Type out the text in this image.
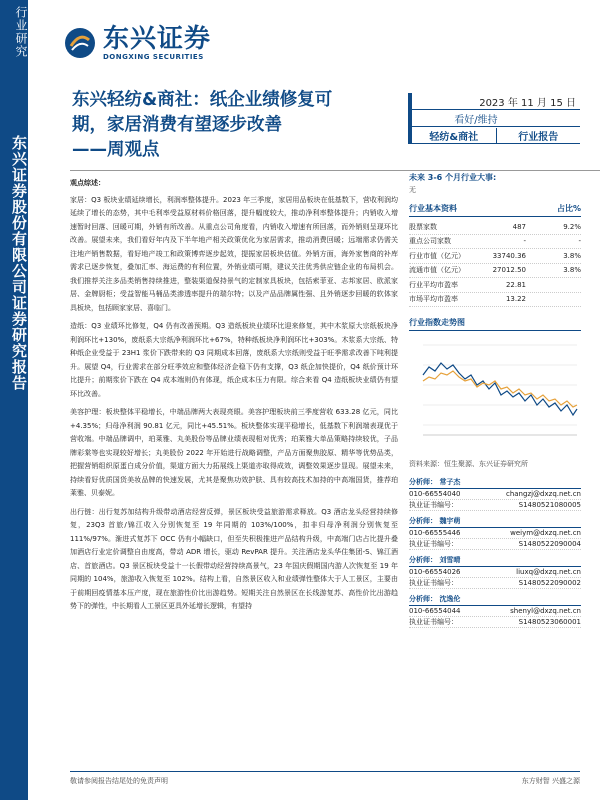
行业研究
东兴证券股份有限公司证券研究报告
东兴证券
DONGXING SECURITIES
东兴轻纺&商社：纸企业绩修复可
期，家居消费有望逐步改善
——周观点
2023 年 11 月 15 日
看好/维持
轻纺&商社	行业报告
观点综述：
家居：Q3 板块业绩延续增长，利润率整体提升。2023 年三季度，家居用品板块在低基数下，营收利润均延续了增长的态势，其中毛利率受益原材料价格回落，提升幅度较大，推动净利率整体提升；内销收入增速暂时回落、回暖可期，外销有所改善。从重点公司角度看，内销收入增速有所回落，而外销则呈现环比改善。展望未来，我们看好年内及下半年地产相关政策优化为家居需求，推动消费回暖；远端需求仍需关注地产销售数据，看好地产竣工和政策博弈逐步起效，提振家居板块估值。外销方面，海外家售商的补库需求已逐步恢复，叠加汇率、海运费的有利位置，外销业绩可期，建议关注优秀供应链企业的布局机会。我们推荐关注多品类销售持续推进，整装渠道保持景气的定制家具板块，包括索菲亚、志邦家居、欧派家居、金牌厨柜；受益智能马桶品类渗透率提升的瑞尔特；以及产品品牌属性强、且外销逐步回暖的软体家具板块，包括顾家家居、喜临门。
造纸：Q3 业绩环比修复，Q4 仍有改善预期。Q3 造纸板块业绩环比迎来修复，其中木浆原大宗纸板块净利润环比+130%，废纸系大宗纸净利润环比+67%，特种纸板块净利润环比+303%。木浆系大宗纸、特种纸企业受益于 23H1 浆价下跌带来的 Q3 同期成本回落，废纸系大宗纸则受益于旺季需求改善下吨利提升。展望 Q4，行业需求在部分旺季效应和整体经济企稳下仍有支撑，Q3 纸企加快提价，Q4 纸价预计环比提升；前期浆价下跌在 Q4 成本端则仍有体现，纸企成本压力有限。综合来看 Q4 造纸板块业绩仍有望环比改善。
美容护理：板块整体平稳增长，中端品牌两大表现亮眼。美容护理板块前三季度营收 633.28 亿元，同比+4.35%；归母净利润 90.81 亿元，同比+45.51%。板块整体实现平稳增长，低基数下利润端表现优于营收端。中端品牌调中，珀莱雅、丸美股份等品牌业绩表现相对优秀；珀莱雅大单品策略持续较优，子品牌彩棠等也实现较好增长；丸美股份 2022 年开始进行战略调整，产品方面聚焦胶原、精华等优势品类，把握营销组织原蛋白成分价值，渠道方面大力拓展线上渠道亦取得成效，调整效果逐步显现。展望未来，持续看好优质国货美妆品牌的快速发展，尤其是聚焦功效护肤、具有较高技术加持的中高端国货，推荐珀莱雅、贝泰妮。
出行链：出行复苏加结构升级带动酒店经营反弹，景区板块受益旅游需求释放。Q3 酒店龙头经营持续修复，23Q3 首旅/锦江收入分别恢复至 19 年同期的 103%/100%，扣非归母净利润分别恢复至 111%/97%。渐进式复苏下 OCC 仍有小幅缺口，但至失积极推进产品结构升级，中高端门店占比提升叠加酒店行业定价调整自由度高，带动 ADR 增长，驱动 RevPAR 提升。关注酒店龙头华住集团-S、锦江酒店、首旅酒店。Q3 景区板块受益十一长假带动经营持续高景气，23 年国庆假期国内游人次恢复至 19 年同期的 104%，旅游收入恢复至 102%。结构上看，自然景区收入和业绩弹性整体大于人工景区，主要由于前期回疫情基本压产度，现在旅游性价比出游趋势。短期关注自然景区在长线游复苏、高性价比出游趋势下的弹性，中长期看人工景区更具外延增长逻辑，有望持
未来 3-6 个月行业大事:
无
行业基本资料	占比%
股票家数	487	9.2%
重点公司家数	-	-
行业市值（亿元）	33740.36	3.8%
流通市值（亿元）	27012.50	3.8%
行业平均市盈率	22.81
市场平均市盈率	13.22
行业指数走势图
资料来源：恒生聚源、东兴证券研究所
分析师：
常子杰
010-66554040	changzj@dxzq.net.cn
执业证书编号：	S1480521080005
分析师：
魏宇萌
010-66555446	weiym@dxzq.net.cn
执业证书编号：	S1480522090004
分析师：
刘雪晴
010-66554026	liuxq@dxzq.net.cn
执业证书编号：	S1480522090002
分析师：
沈逸伦
010-66554044	shenyl@dxzq.net.cn
执业证书编号：	S1480523060001
敬请参阅报告结尾处的免责声明	东方财智 兴盛之源
